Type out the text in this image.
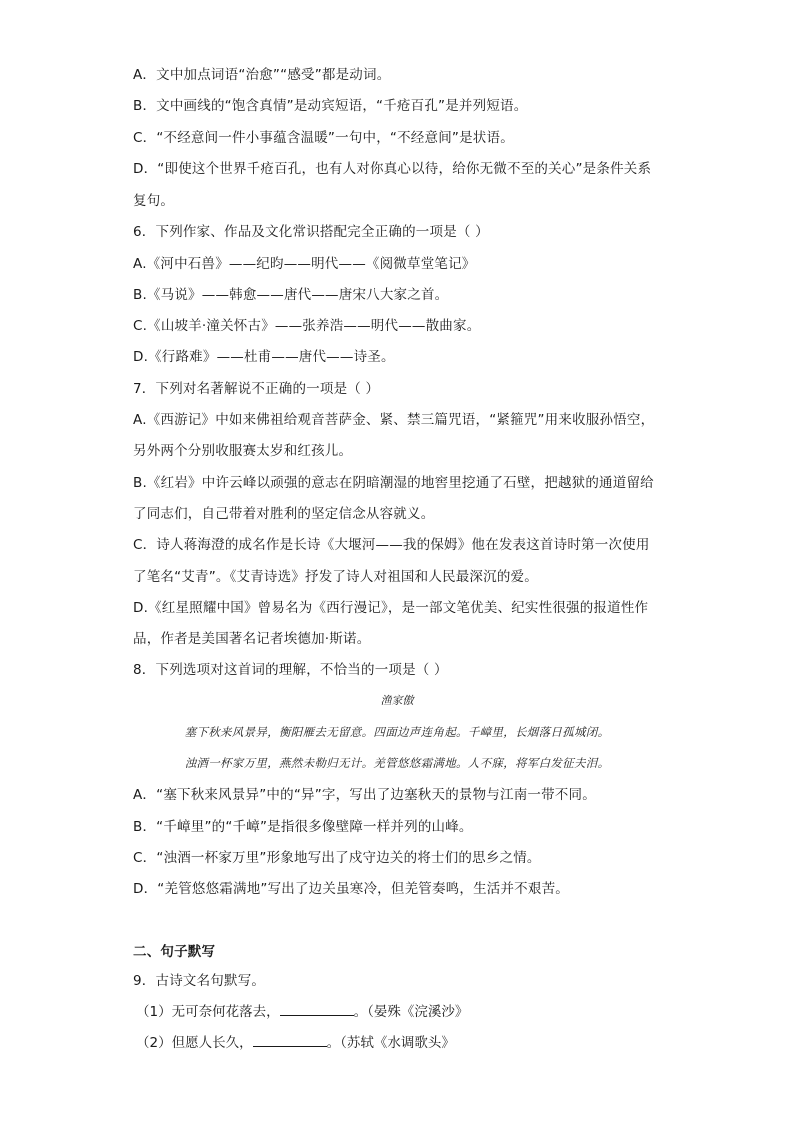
A．文中加点词语“治愈”“感受”都是动词。
B．文中画线的“饱含真情”是动宾短语，“千疮百孔”是并列短语。
C．“不经意间一件小事蕴含温暖”一句中，“不经意间”是状语。
D．“即使这个世界千疮百孔，也有人对你真心以待，给你无微不至的关心”是条件关系
复句。
6．下列作家、作品及文化常识搭配完全正确的一项是（ ）
A.《河中石兽》——纪昀——明代——《阅微草堂笔记》
B.《马说》——韩愈——唐代——唐宋八大家之首。
C.《山坡羊·潼关怀古》——张养浩——明代——散曲家。
D.《行路难》——杜甫——唐代——诗圣。
7．下列对名著解说不正确的一项是（ ）
A.《西游记》中如来佛祖给观音菩萨金、紧、禁三篇咒语，“紧箍咒”用来收服孙悟空，
另外两个分别收服赛太岁和红孩儿。
B.《红岩》中许云峰以顽强的意志在阴暗潮湿的地窖里挖通了石壁，把越狱的通道留给
了同志们，自己带着对胜利的坚定信念从容就义。
C．诗人蒋海澄的成名作是长诗《大堰河——我的保姆》他在发表这首诗时第一次使用
了笔名“艾青”。《艾青诗选》抒发了诗人对祖国和人民最深沉的爱。
D.《红星照耀中国》曾易名为《西行漫记》，是一部文笔优美、纪实性很强的报道性作
品，作者是美国著名记者埃德加·斯诺。
8．下列选项对这首词的理解，不恰当的一项是（ ）
渔家傲
塞下秋来风景异，衡阳雁去无留意。四面边声连角起。千嶂里，长烟落日孤城闭。
浊酒一杯家万里，燕然未勒归无计。羌管悠悠霜满地。人不寐，将军白发征夫泪。
A．“塞下秋来风景异”中的“异”字，写出了边塞秋天的景物与江南一带不同。
B．“千嶂里”的“千嶂”是指很多像壁障一样并列的山峰。
C．“浊酒一杯家万里”形象地写出了戍守边关的将士们的思乡之情。
D．“羌管悠悠霜满地”写出了边关虽寒冷，但羌管奏鸣，生活并不艰苦。
二、句子默写
9．古诗文名句默写。
（1）无可奈何花落去，	。（晏殊《浣溪沙》
（2）但愿人长久，	。（苏轼《水调歌头》
